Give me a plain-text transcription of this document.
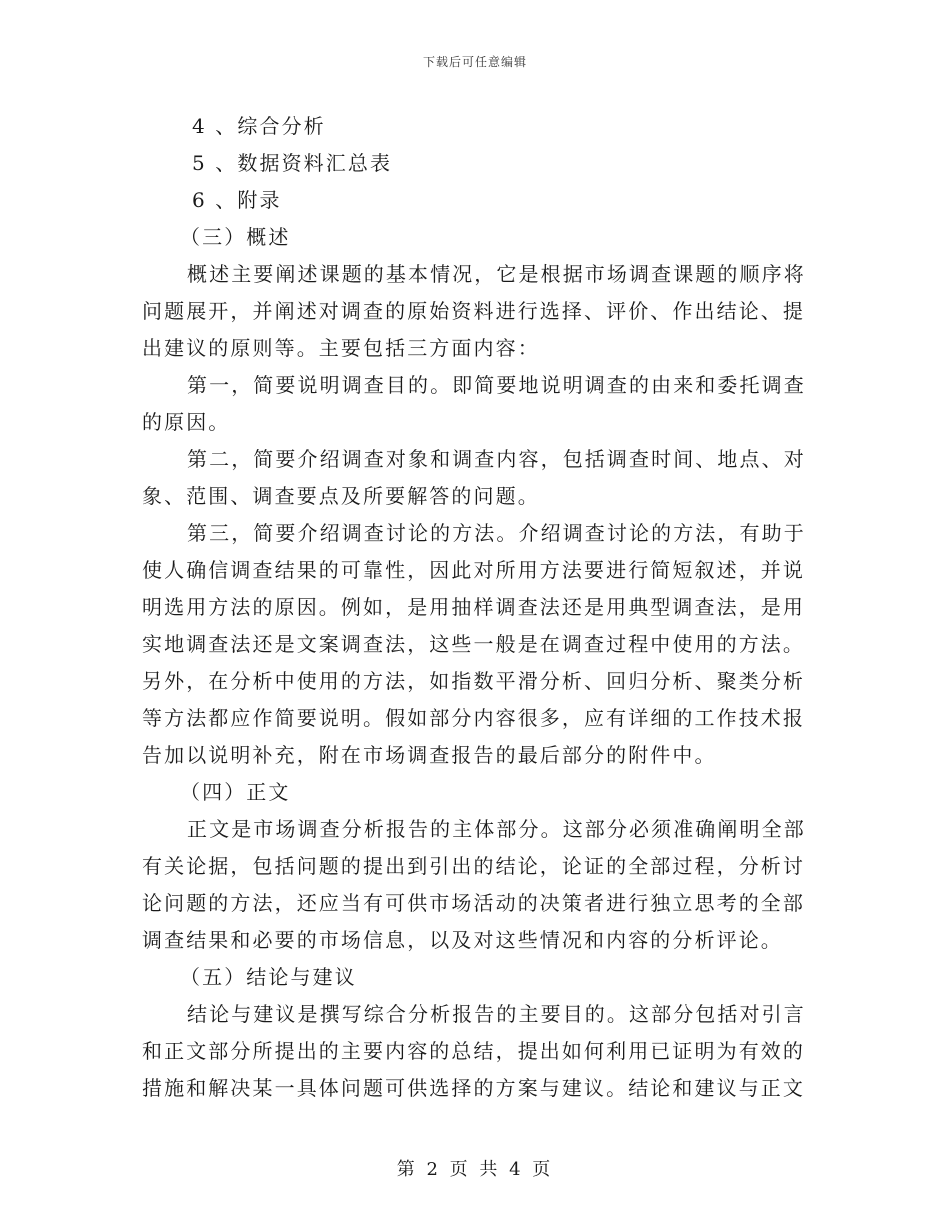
下载后可任意编辑
4 、综合分析
5 、数据资料汇总表
6 、附录
（三）概述
概述主要阐述课题的基本情况，它是根据市场调查课题的顺序将
问题展开，并阐述对调查的原始资料进行选择、评价、作出结论、提
出建议的原则等。主要包括三方面内容：
第一，简要说明调查目的。即简要地说明调查的由来和委托调查
的原因。
第二，简要介绍调查对象和调查内容，包括调查时间、地点、对
象、范围、调查要点及所要解答的问题。
第三，简要介绍调查讨论的方法。介绍调查讨论的方法，有助于
使人确信调查结果的可靠性，因此对所用方法要进行简短叙述，并说
明选用方法的原因。例如，是用抽样调查法还是用典型调查法，是用
实地调查法还是文案调查法，这些一般是在调查过程中使用的方法。
另外，在分析中使用的方法，如指数平滑分析、回归分析、聚类分析
等方法都应作简要说明。假如部分内容很多，应有详细的工作技术报
告加以说明补充，附在市场调查报告的最后部分的附件中。
（四）正文
正文是市场调查分析报告的主体部分。这部分必须准确阐明全部
有关论据，包括问题的提出到引出的结论，论证的全部过程，分析讨
论问题的方法，还应当有可供市场活动的决策者进行独立思考的全部
调查结果和必要的市场信息，以及对这些情况和内容的分析评论。
（五）结论与建议
结论与建议是撰写综合分析报告的主要目的。这部分包括对引言
和正文部分所提出的主要内容的总结，提出如何利用已证明为有效的
措施和解决某一具体问题可供选择的方案与建议。结论和建议与正文
第 2 页 共 4 页
